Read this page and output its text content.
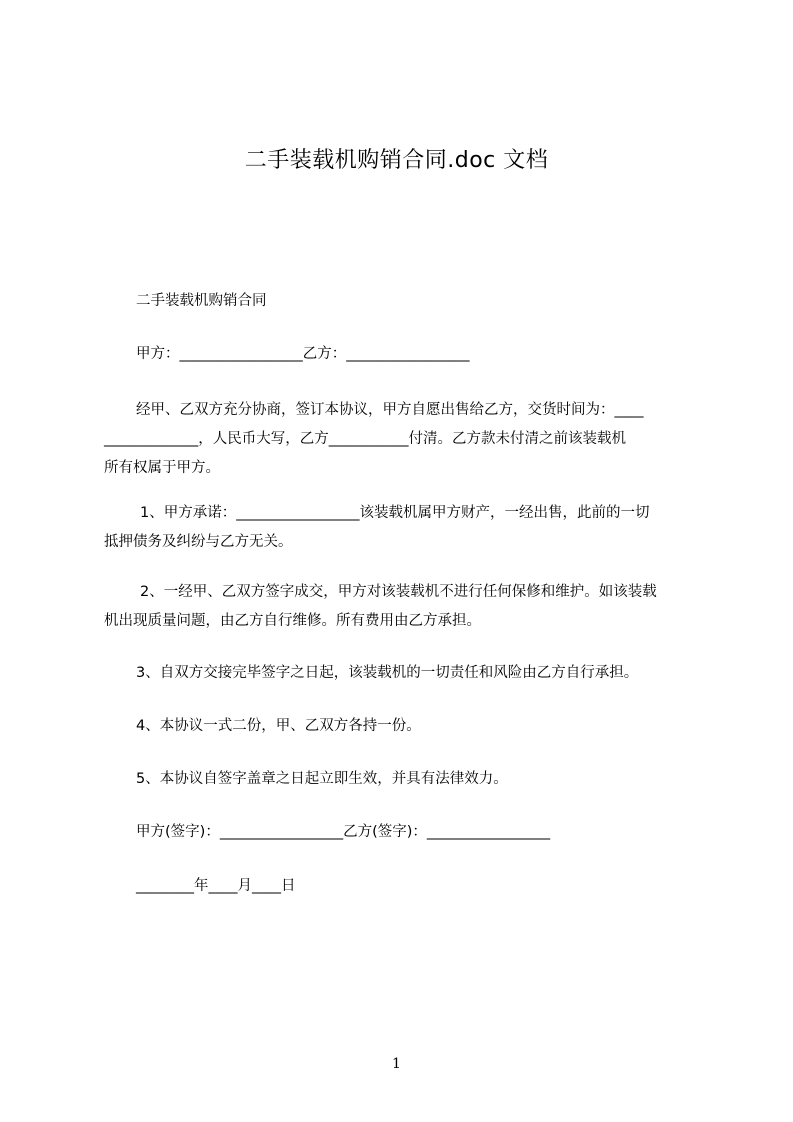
二手装载机购销合同.doc 文档
二手装载机购销合同
甲方：_________________乙方：_________________

经甲、乙双方充分协商，签订本协议，甲方自愿出售给乙方，交货时间为：____

_____________，人民币大写，乙方___________付清。乙方款未付清之前该装载机

所有权属于甲方。

1、甲方承诺：_________________该装载机属甲方财产，一经出售，此前的一切

抵押债务及纠纷与乙方无关。

2、一经甲、乙双方签字成交，甲方对该装载机不进行任何保修和维护。如该装载

机出现质量问题，由乙方自行维修。所有费用由乙方承担。

3、自双方交接完毕签字之日起，该装载机的一切责任和风险由乙方自行承担。
4、本协议一式二份，甲、乙双方各持一份。
5、本协议自签字盖章之日起立即生效，并具有法律效力。
甲方(签字)：_________________乙方(签字)：_________________
________年____月____日
1
